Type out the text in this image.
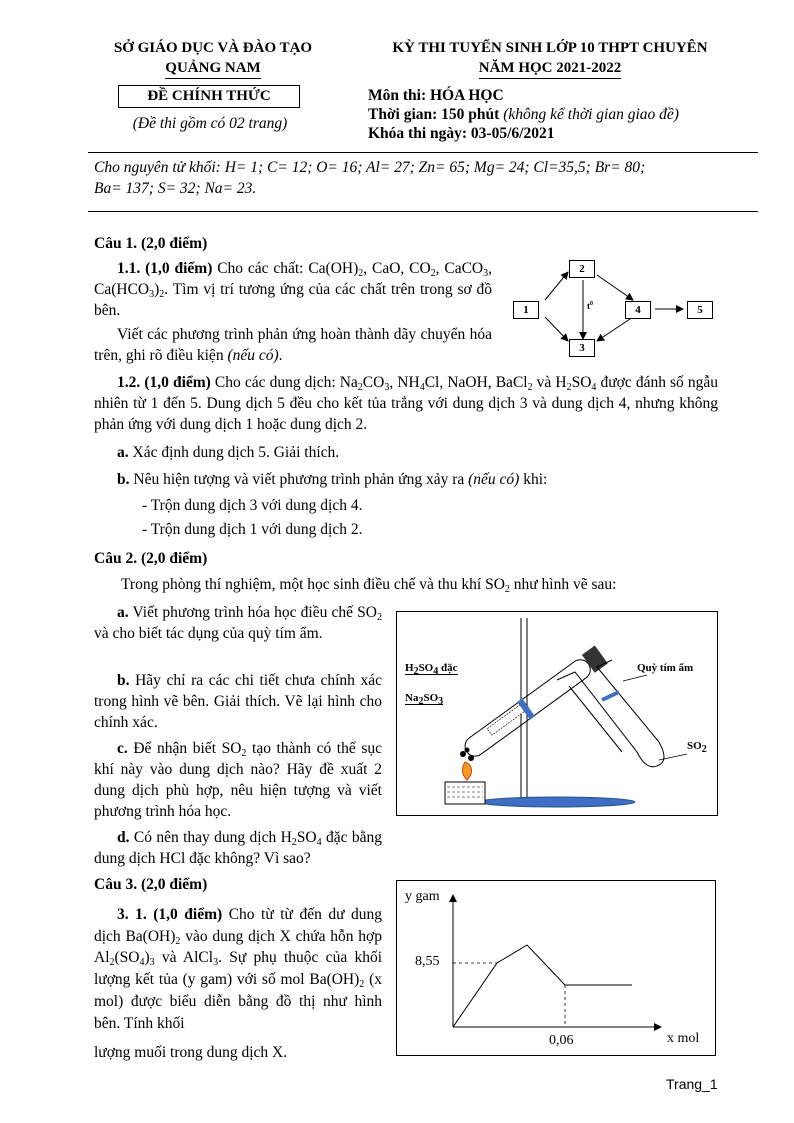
SỞ GIÁO DỤC VÀ ĐÀO TẠO
QUẢNG NAM
ĐỀ CHÍNH THỨC
(Đề thi gồm có 02 trang)
KỲ THI TUYỂN SINH LỚP 10 THPT CHUYÊN
NĂM HỌC 2021-2022
Môn thi: HÓA HỌC
Thời gian: 150 phút (không kể thời gian giao đề)
Khóa thi ngày: 03-05/6/2021
Cho nguyên tử khối: H= 1; C= 12; O= 16; Al= 27; Zn= 65; Mg= 24; Cl=35,5; Br= 80;
Ba= 137; S= 32; Na= 23.
Câu 1. (2,0 điểm)
1.1. (1,0 điểm) Cho các chất: $Ca(OH)_2$, CaO, $CO_2$, CaCO$_3$, $Ca(HCO_3)_2$. Tìm vị trí tương ứng của các chất trên trong sơ đồ bên.
Viết các phương trình phản ứng hoàn thành dãy chuyển hóa trên, ghi rõ điều kiện (nếu có).
1
2
3
4	5
$t^0$
1.2. (1,0 điểm) Cho các dung dịch: $Na_2CO_3$, $NH_4Cl$, NaOH, BaCl$_2$ và $H_2SO_4$ được đánh số ngẫu nhiên từ 1 đến 5. Dung dịch 5 đều cho kết tủa trắng với dung dịch 3 và dung dịch 4, nhưng không phản ứng với dung dịch 1 hoặc dung dịch 2.
a. Xác định dung dịch 5. Giải thích.
b. Nêu hiện tượng và viết phương trình phản ứng xảy ra (nếu có) khi:
- Trộn dung dịch 3 với dung dịch 4.
- Trộn dung dịch 1 với dung dịch 2.
Câu 2. (2,0 điểm)
Trong phòng thí nghiệm, một học sinh điều chế và thu khí $SO_2$ như hình vẽ sau:
a. Viết phương trình hóa học điều chế $SO_2$ và cho biết tác dụng của quỳ tím ẩm.
b. Hãy chỉ ra các chi tiết chưa chính xác trong hình vẽ bên. Giải thích. Vẽ lại hình cho chính xác.
c. Để nhận biết $SO_2$ tạo thành có thể sục khí này vào dung dịch nào? Hãy đề xuất 2 dung dịch phù hợp, nêu hiện tượng và viết phương trình hóa học.
d. Có nên thay dung dịch $H_2SO_4$ đặc bằng dung dịch HCl đặc không? Vì sao?
$H_2SO_4$ đặc
$Na_2SO_3$
Quỳ tím ẩm
$SO_2$
Câu 3. (2,0 điểm)
3. 1. (1,0 điểm) Cho từ từ đến dư dung dịch $Ba(OH)_2$ vào dung dịch X chứa hỗn hợp $Al_2(SO_4)_3$ và AlCl$_3$. Sự phụ thuộc của khối lượng kết tủa (y gam) với số mol $Ba(OH)_2$ (x mol) được biểu diễn bằng đồ thị như hình bên. Tính khối
lượng muối trong dung dịch X.
y gam
8,55
0,06	x mol
Trang_1
